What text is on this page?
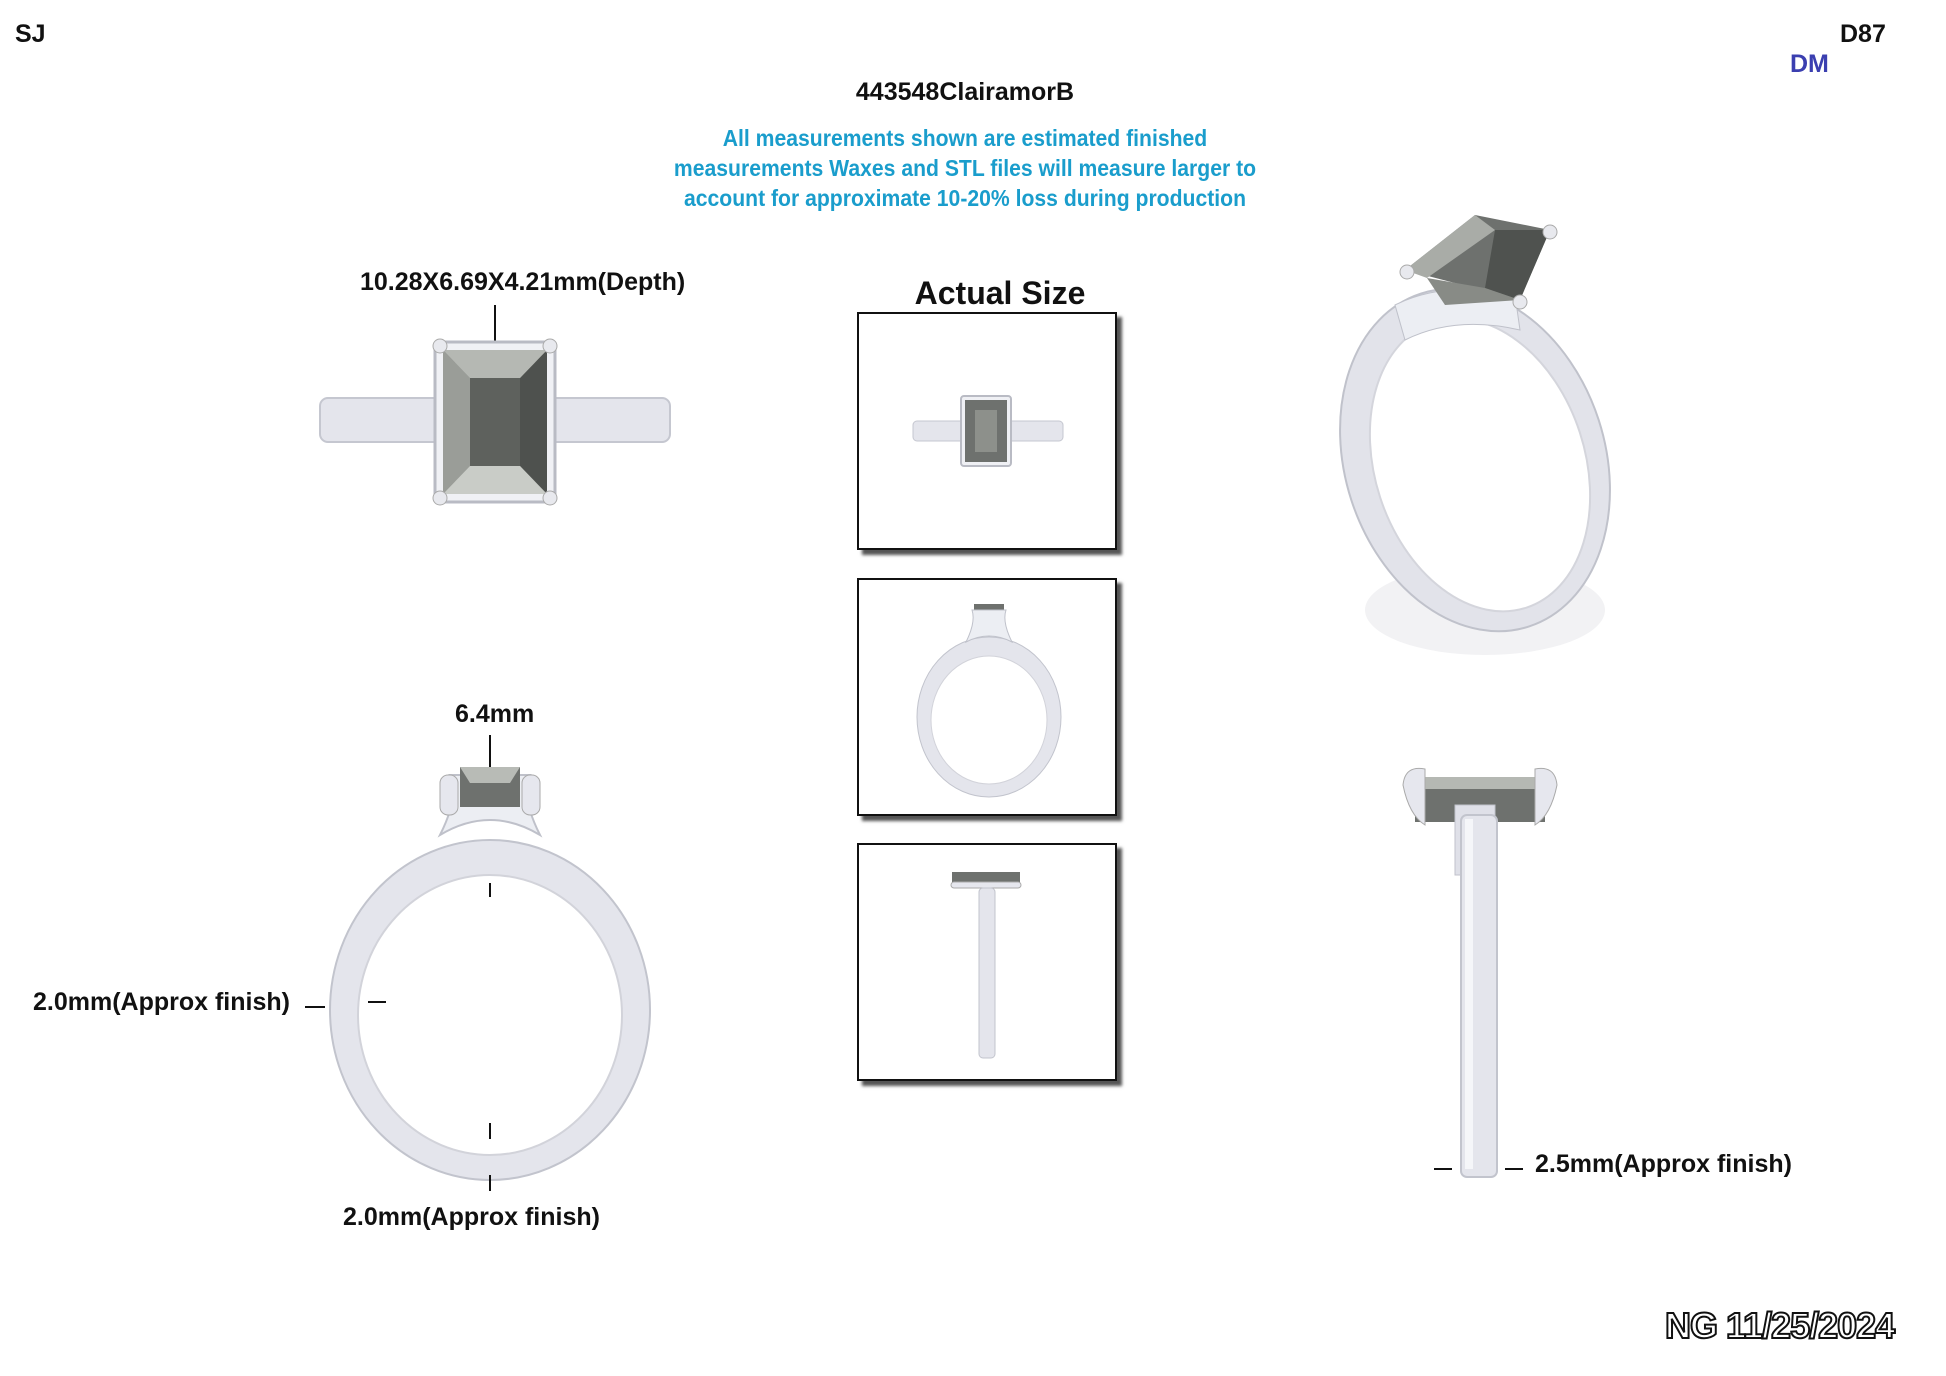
SJ	D87
DM
443548ClairamorB
All measurements shown are estimated finished
measurements Waxes and STL files will measure larger to
account for approximate 10-20% loss during production
10.28X6.69X4.21mm(Depth)
6.4mm
2.0mm(Approx finish)
2.0mm(Approx finish)
Actual Size
2.5mm(Approx finish)
NG 11/25/2024
